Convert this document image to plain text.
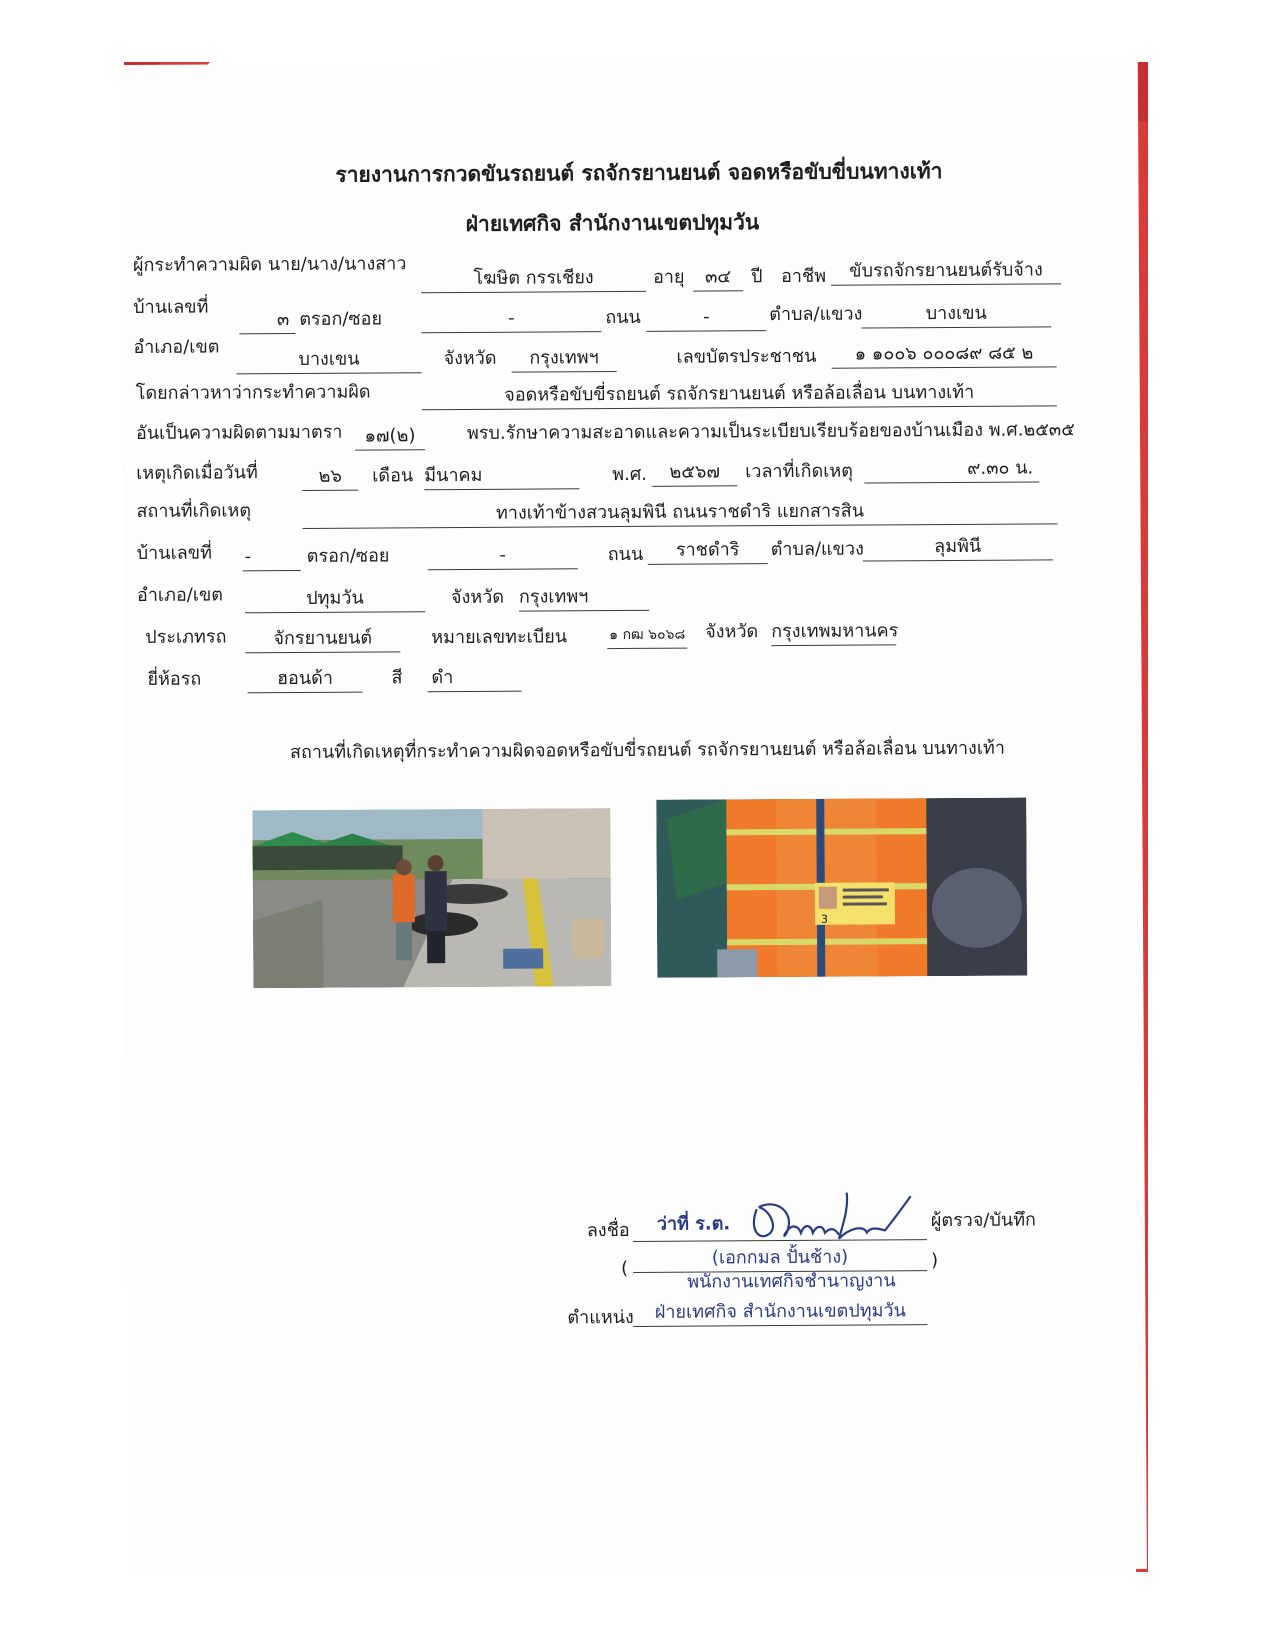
รายงานการกวดขันรถยนต์ รถจักรยานยนต์ จอดหรือขับขี่บนทางเท้า
ฝ่ายเทศกิจ สำนักงานเขตปทุมวัน
ผู้กระทำความผิด นาย/นาง/นางสาว
โฆษิต กรรเชียง	อายุ	๓๔	ปี อาชีพ	ขับรถจักรยานยนต์รับจ้าง
บ้านเลขที่
๓ ตรอก/ซอย	-	ถนน	-	ตำบล/แขวง	บางเขน
อำเภอ/เขต
บางเขน	จังหวัด	กรุงเทพฯ	เลขบัตรประชาชน	๑ ๑๐๐๖ ๐๐๐๘๙ ๘๕ ๒
โดยกล่าวหาว่ากระทำความผิด	จอดหรือขับขี่รถยนต์ รถจักรยานยนต์ หรือล้อเลื่อน บนทางเท้า
อันเป็นความผิดตามมาตรา	๑๗(๒)	พรบ.รักษาความสะอาดและความเป็นระเบียบเรียบร้อยของบ้านเมือง พ.ศ.๒๕๓๕
เหตุเกิดเมื่อวันที่	๒๖	เดือน มีนาคม	พ.ศ.	๒๕๖๗	เวลาที่เกิดเหตุ	๙.๓๐ น.
สถานที่เกิดเหตุ	ทางเท้าข้างสวนลุมพินี ถนนราชดำริ แยกสารสิน
บ้านเลขที่ -	ตรอก/ซอย	-	ถนน	ราชดำริ	ตำบล/แขวง	ลุมพินี
อำเภอ/เขต	ปทุมวัน	จังหวัด กรุงเทพฯ
ประเภทรถ	จักรยานยนต์	หมายเลขทะเบียน	๑ กฒ ๖๐๖๘ จังหวัด กรุงเทพมหานคร
ยี่ห้อรถ	ฮอนด้า	สี ดำ
สถานที่เกิดเหตุที่กระทำความผิดจอดหรือขับขี่รถยนต์ รถจักรยานยนต์ หรือล้อเลื่อน บนทางเท้า
3
ลงชื่อ ว่าที่ ร.ต.	ผู้ตรวจ/บันทึก
(
(เอกกมล ปั้นช้าง)	)
พนักงานเทศกิจชำนาญงาน
ตำแหน่ง	ฝ่ายเทศกิจ สำนักงานเขตปทุมวัน
